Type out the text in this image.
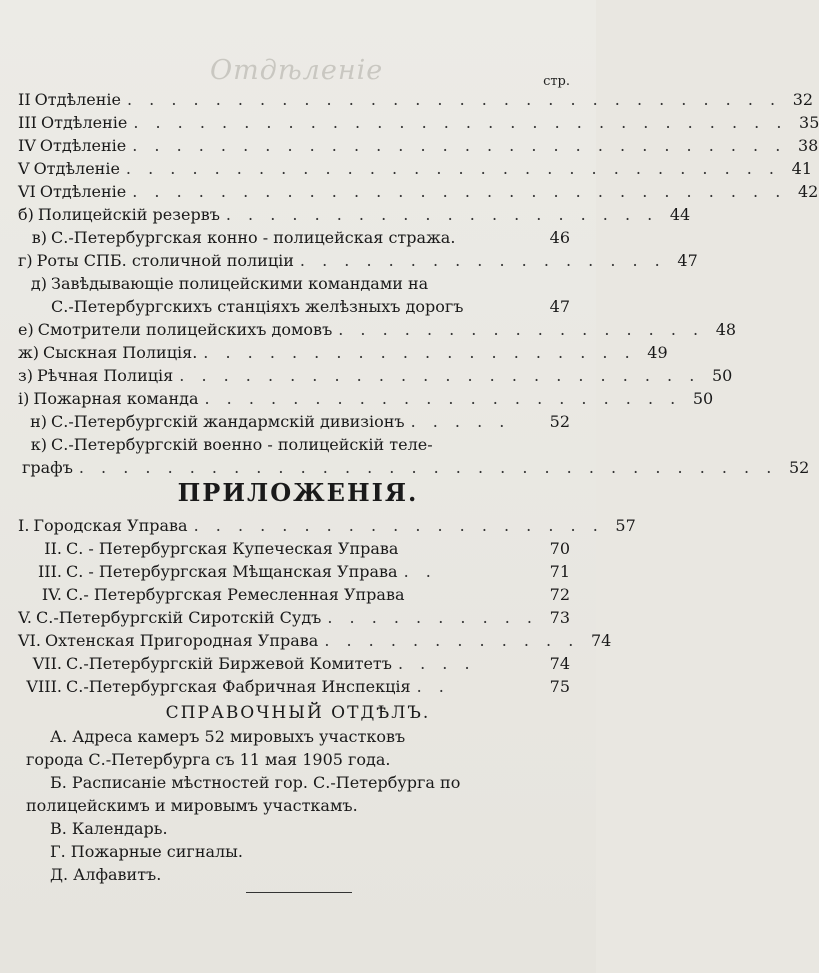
Отдѣленіе	стр.
II Отдѣленіе . . . . . . . . . . . . . . . . . . . . . . . . . . . . . . 32
III Отдѣленіе . . . . . . . . . . . . . . . . . . . . . . . . . . . . . . 35
IV Отдѣленіе . . . . . . . . . . . . . . . . . . . . . . . . . . . . . . 38
V Отдѣленіе . . . . . . . . . . . . . . . . . . . . . . . . . . . . . . 41
VI Отдѣленіе . . . . . . . . . . . . . . . . . . . . . . . . . . . . . . 42
б) Полицейскій резервъ . . . . . . . . . . . . . . . . . . . . 44
в) С.-Петербургская конно - полицейская стража.	46
г) Роты СПБ. столичной полиціи . . . . . . . . . . . . . . . . . 47
д) Завѣдывающіе полицейскими командами на
С.-Петербургскихъ станціяхъ желѣзныхъ дорогъ	47
е) Смотрители полицейскихъ домовъ . . . . . . . . . . . . . . . . . 48
ж) Сыскная Полиція. . . . . . . . . . . . . . . . . . . . . 49
з) Рѣчная Полиція . . . . . . . . . . . . . . . . . . . . . . . . 50
і) Пожарная команда . . . . . . . . . . . . . . . . . . . . . . 50
н) С.-Петербургскій жандармскій дивизіонъ . . . . .	52
к) С.-Петербургскій военно - полицейскій теле-
графъ . . . . . . . . . . . . . . . . . . . . . . . . . . . . . . . . 52
ПРИЛОЖЕНІЯ.
I. Городская Управа . . . . . . . . . . . . . . . . . . . 57
II. С. - Петербургская Купеческая Управа	70
III. С. - Петербургская Мѣщанская Управа . .	71
IV. С.- Петербургская Ремесленная Управа	72
V. С.-Петербургскій Сиротскій Судъ . . . . . . . . . . 73
VI. Охтенская Пригородная Управа . . . . . . . . . . . . 74
VII. С.-Петербургскій Биржевой Комитетъ . . . .	74
VIII. С.-Петербургская Фабричная Инспекція . .	75
СПРАВОЧНЫЙ ОТДѢЛЪ.
А. Адреса камеръ 52 мировыхъ участковъ
города С.-Петербурга съ 11 мая 1905 года.
Б. Расписаніе мѣстностей гор. С.-Петербурга по
полицейскимъ и мировымъ участкамъ.
В. Календарь.
Г. Пожарные сигналы.
Д. Алфавитъ.
